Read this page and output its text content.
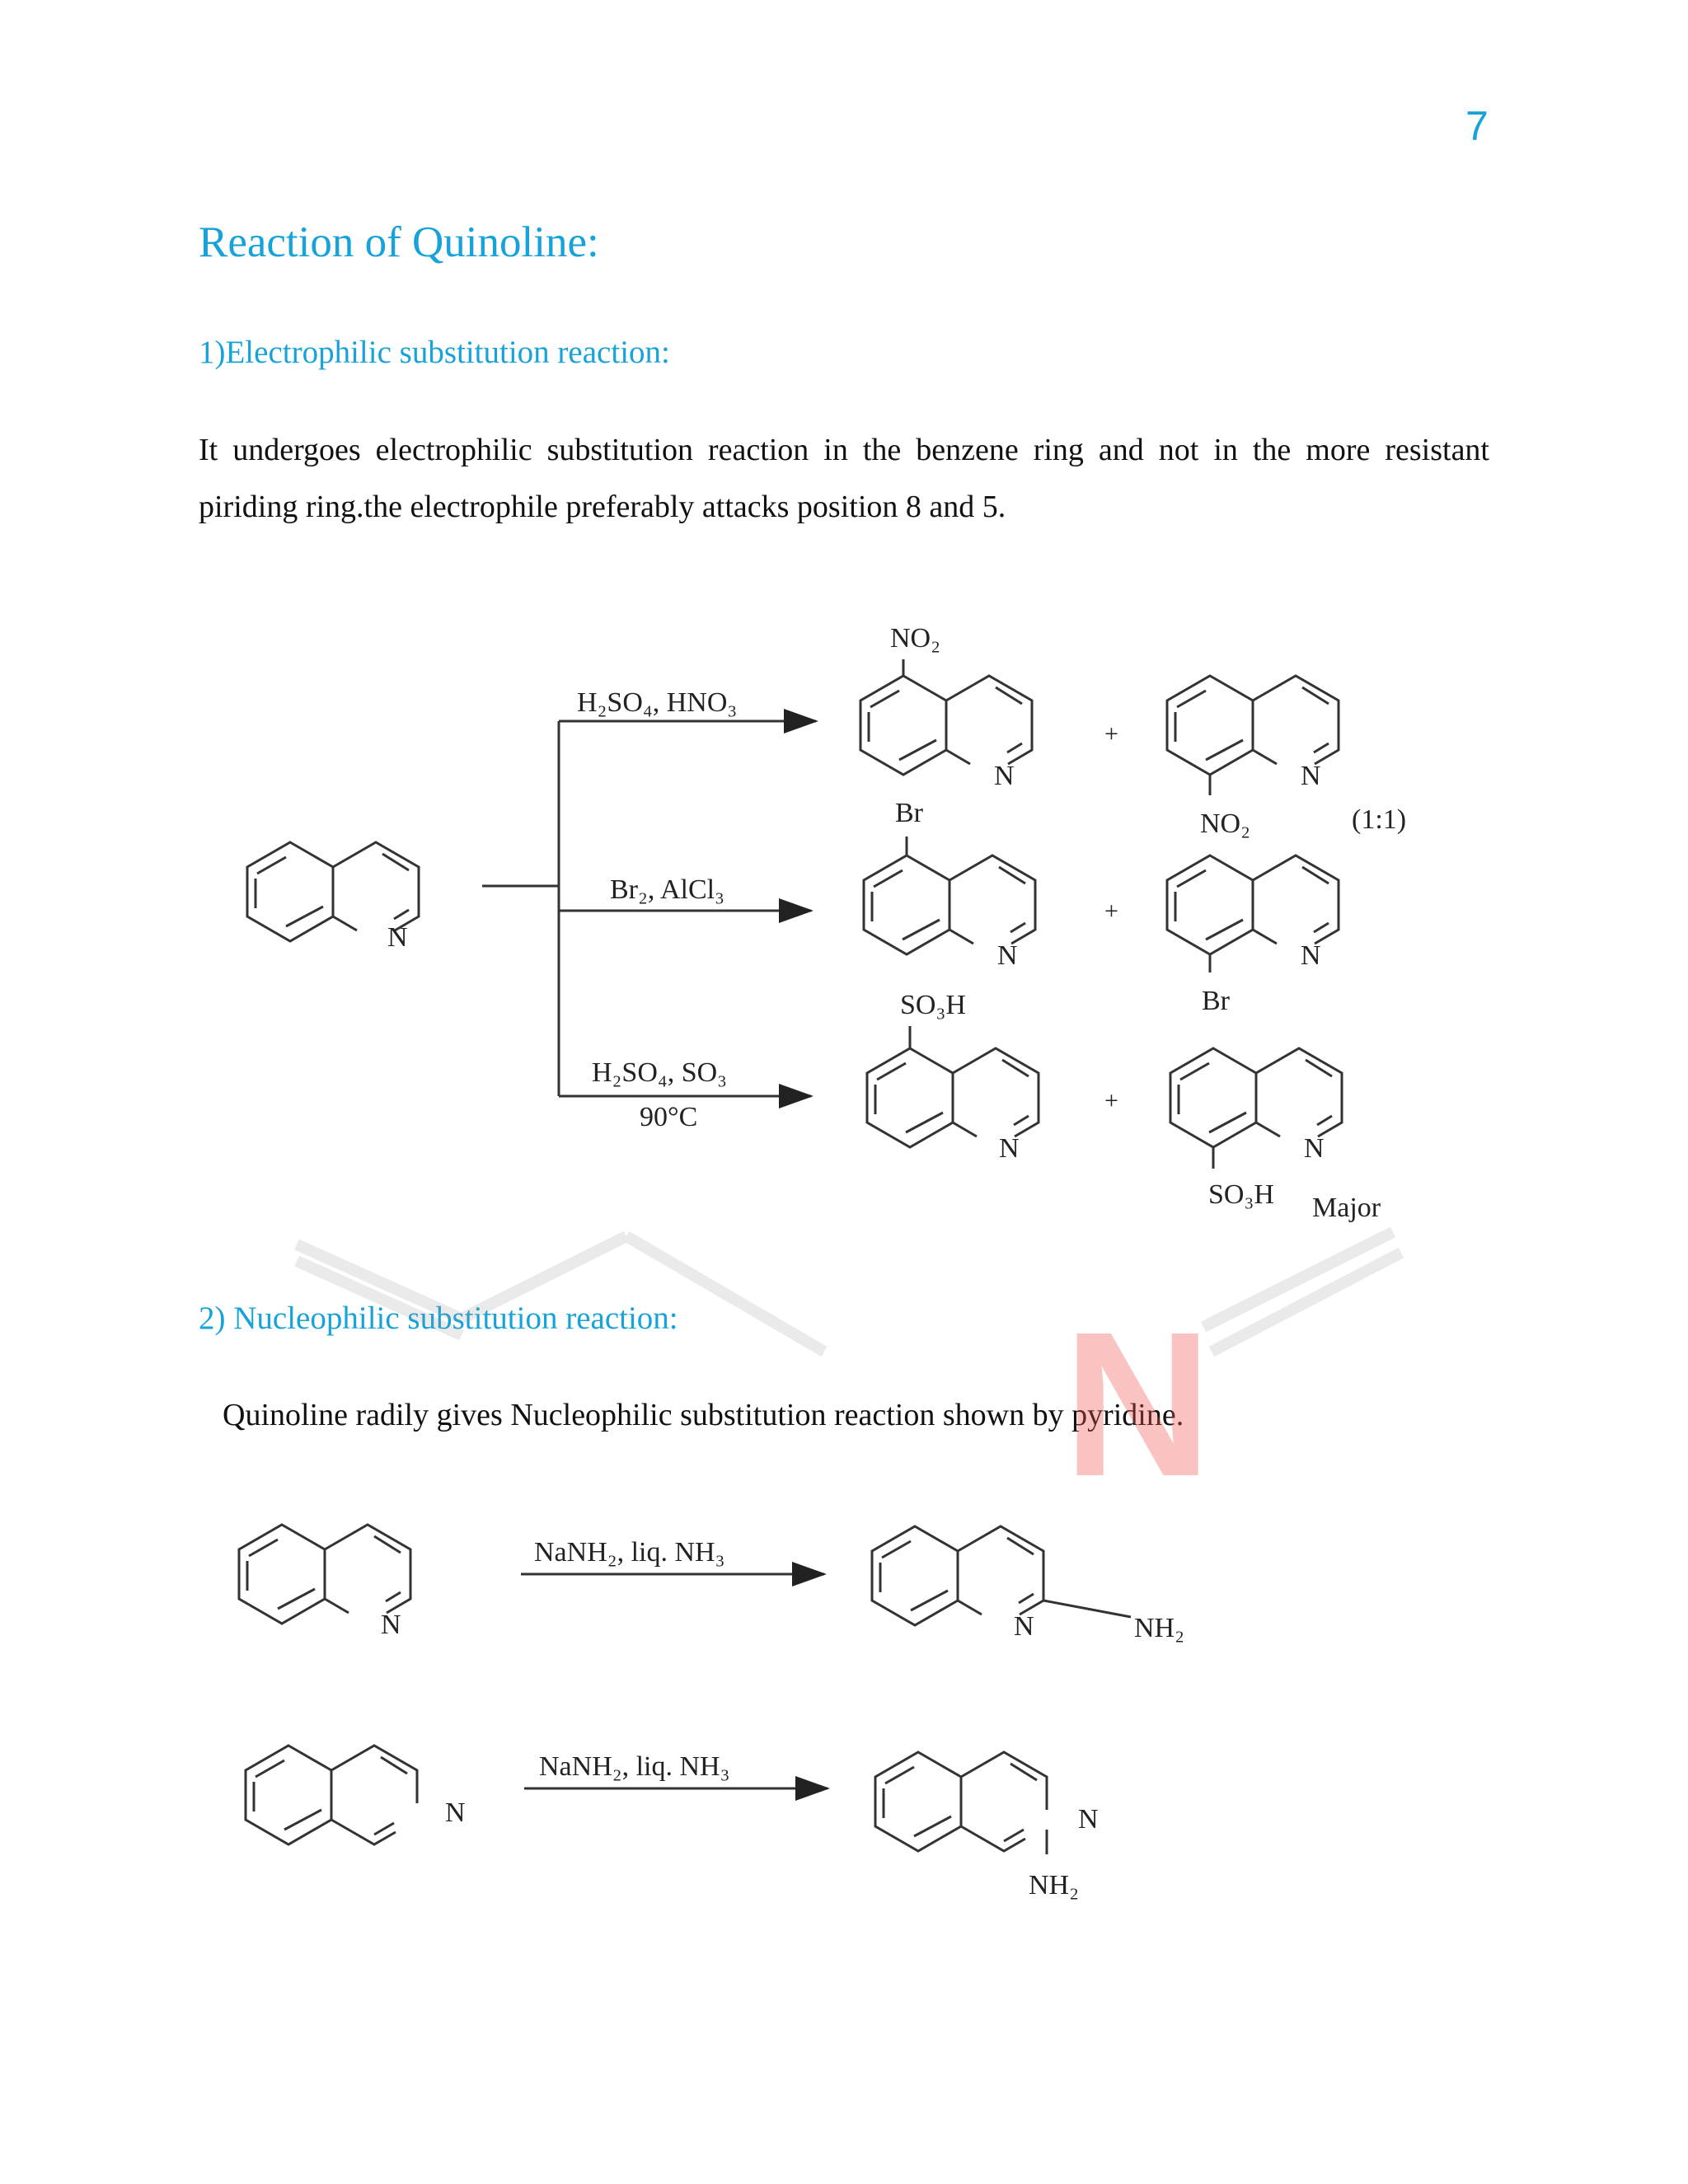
7
Reaction of Quinoline:
1)Electrophilic substitution reaction:
It undergoes electrophilic substitution reaction in the benzene ring and not in the more resistant piriding ring.the electrophile preferably attacks position 8 and 5.
2) Nucleophilic substitution reaction:
Quinoline radily gives Nucleophilic substitution reaction shown by pyridine.
N
N
H₂SO₄, HNO₃
Br₂, AlCl₃
H₂SO₄, SO₃
90°C
NO₂
N
+
NO₂
N
(1:1)
Br
N
+
Br
N
SO₃H
N
+
SO₃H
N
Major
N
NaNH₂, liq. NH₃
N	NH₂
N
NaNH₂, liq. NH₃
N
NH₂
